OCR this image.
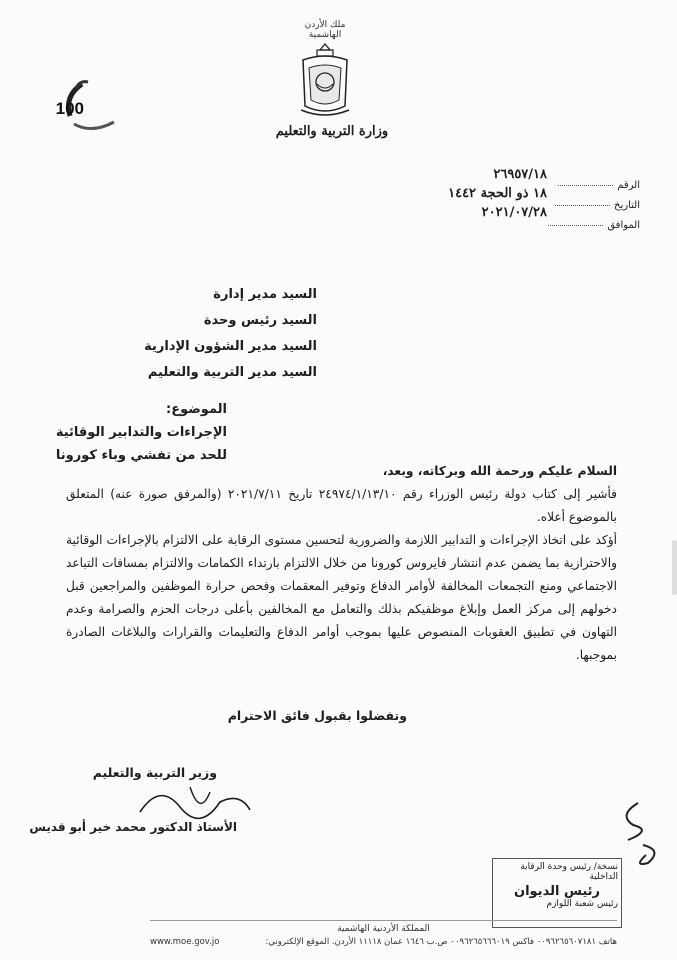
ملك الأردن الهاشمية
وزارة التربية والتعليم
100
الرقم
التاريخ
الموافق
٢٦٩٥٧/١٨
١٨ ذو الحجة ١٤٤٢
٢٠٢١/٠٧/٢٨
السيد مدير إدارة
السيد رئيس وحدة
السيد مدير الشؤون الإدارية
السيد مدير التربية والتعليم
الموضوع:
الإجراءات والتدابير الوقائية
للحد من تفشي وباء كورونا

السلام عليكم ورحمة الله وبركاته، وبعد،

فأشير إلى كتاب دولة رئيس الوزراء رقم ٢٤٩٧٤/١/١٣/١٠ تاريخ ٢٠٢١/٧/١١ (والمرفق صورة عنه) المتعلق بالموضوع أعلاه.

أؤكد على اتخاذ الإجراءات و التدابير اللازمة والضرورية لتحسين مستوى الرقابة على الالتزام بالإجراءات الوقائية والاحترازية بما يضمن عدم انتشار فايروس كورونا من خلال الالتزام بارتداء الكمامات والالتزام بمسافات التباعد الاجتماعي ومنع التجمعات المخالفة لأوامر الدفاع وتوفير المعقمات وفحص حرارة الموظفين والمراجعين قبل دخولهم إلى مركز العمل وإبلاغ موظفيكم بذلك والتعامل مع المخالفين بأعلى درجات الحزم والصرامة وعدم التهاون في تطبيق العقوبات المنصوص عليها بموجب أوامر الدفاع والتعليمات والقرارات والبلاغات الصادرة بموجبها.

وتفضلوا بقبول فائق الاحترام
وزير التربية والتعليم
الأستاذ الدكتور محمد خير أبو قديس
نسخة/ رئيس وحدة الرقابة الداخلية
رئيس الديوان
رئيس شعبة اللوازم
المملكة الأردنية الهاشمية
هاتف ٠٠٩٦٢٦٥٦٠٧١٨١ فاكس ٠٠٩٦٢٦٥٦٦٦٠١٩ ص.ب ١٦٤٦ عمان ١١١١٨ الأردن. الموقع الإلكتروني:
www.moe.gov.jo
